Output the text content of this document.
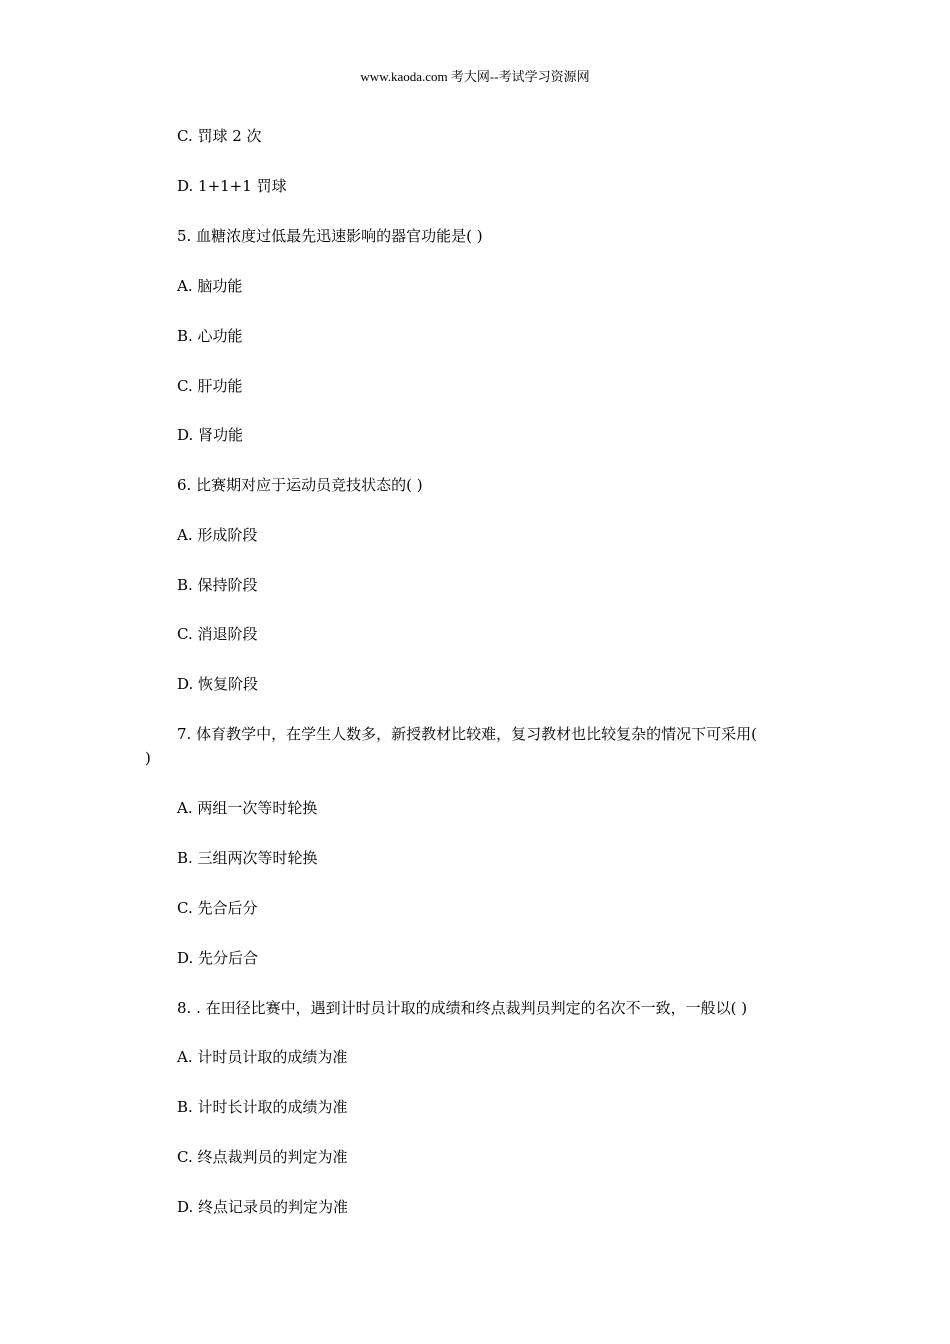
www.kaoda.com 考大网--考试学习资源网
C. 罚球 2 次
D. 1+1+1 罚球
5. 血糖浓度过低最先迅速影响的器官功能是( )
A. 脑功能
B. 心功能
C. 肝功能
D. 肾功能
6. 比赛期对应于运动员竞技状态的( )
A. 形成阶段
B. 保持阶段
C. 消退阶段
D. 恢复阶段
7. 体育教学中，在学生人数多，新授教材比较难，复习教材也比较复杂的情况下可采用(
)
A. 两组一次等时轮换
B. 三组两次等时轮换
C. 先合后分
D. 先分后合
8. . 在田径比赛中，遇到计时员计取的成绩和终点裁判员判定的名次不一致，一般以( )
A. 计时员计取的成绩为准
B. 计时长计取的成绩为准
C. 终点裁判员的判定为准
D. 终点记录员的判定为准
